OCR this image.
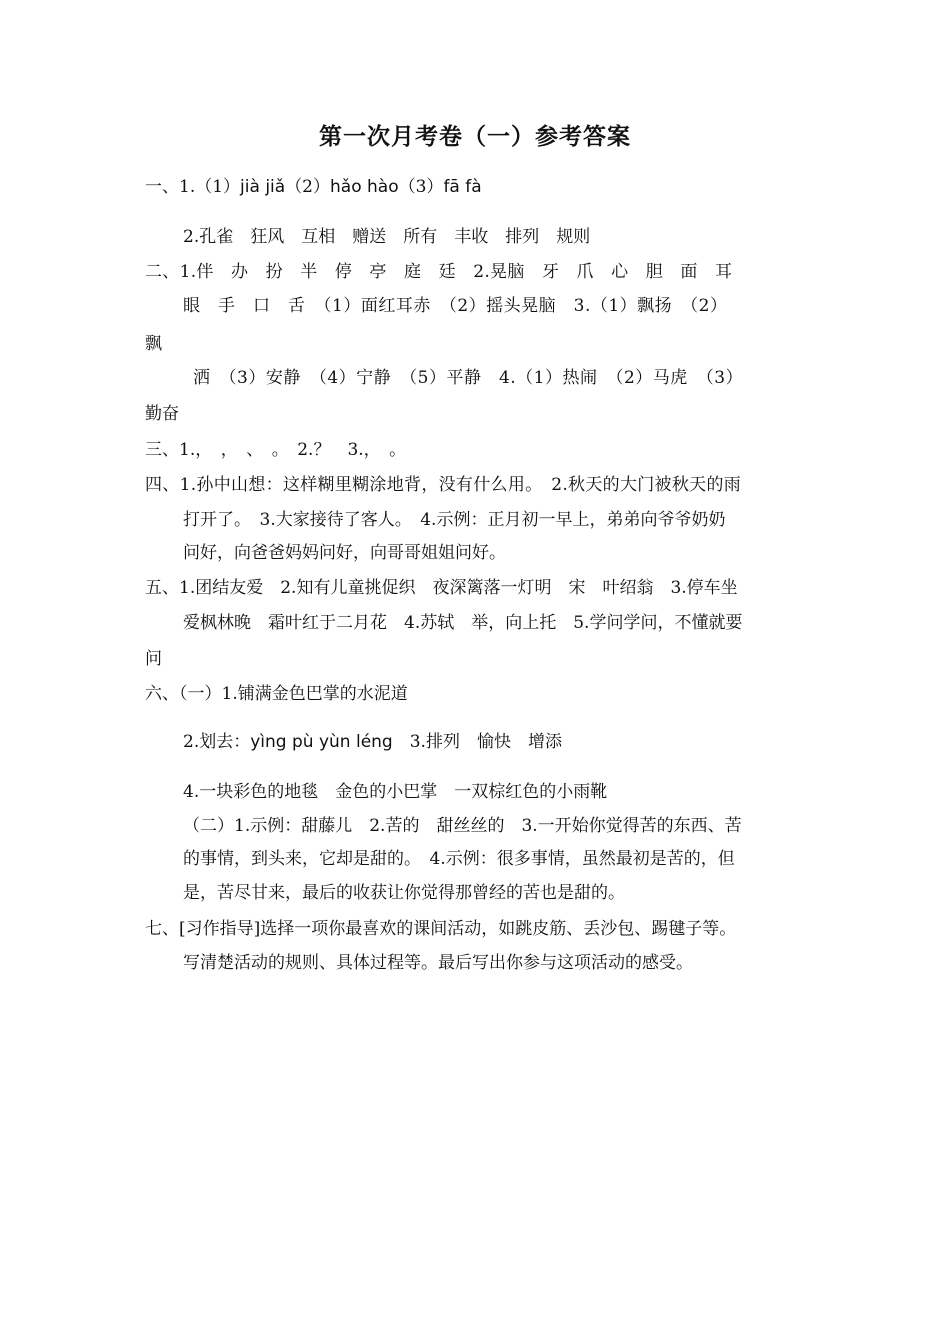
第一次月考卷（一）参考答案
一、1.（1）jià jiǎ（2）hǎo hào（3）fā fà
2.孔雀　狂风　互相　赠送　所有　丰收　排列　规则
二、1.伴　办　扮　半　停　亭　庭　廷　2.晃脑　牙　爪　心　胆　面　耳
眼　手　口　舌　（1）面红耳赤　（2）摇头晃脑　3.（1）飘扬　（2）
飘
洒　（3）安静　（4）宁静　（5）平静　4.（1）热闹　（2）马虎　（3）
勤奋
三、1.，　，　、　。　2.？　3.，　。
四、1.孙中山想：这样糊里糊涂地背，没有什么用。　2.秋天的大门被秋天的雨
打开了。　3.大家接待了客人。　4.示例：正月初一早上，弟弟向爷爷奶奶
问好，向爸爸妈妈问好，向哥哥姐姐问好。
五、1.团结友爱　2.知有儿童挑促织　夜深篱落一灯明　宋　叶绍翁　3.停车坐
爱枫林晚　霜叶红于二月花　4.苏轼　举，向上托　5.学问学问，不懂就要
问
六、（一）1.铺满金色巴掌的水泥道
2.划去：yìng pù yùn léng　3.排列　愉快　增添
4.一块彩色的地毯　金色的小巴掌　一双棕红色的小雨靴
（二）1.示例：甜藤儿　2.苦的　甜丝丝的　3.一开始你觉得苦的东西、苦
的事情，到头来，它却是甜的。　4.示例：很多事情，虽然最初是苦的，但
是，苦尽甘来，最后的收获让你觉得那曾经的苦也是甜的。
七、[习作指导]选择一项你最喜欢的课间活动，如跳皮筋、丢沙包、踢毽子等。
写清楚活动的规则、具体过程等。最后写出你参与这项活动的感受。
